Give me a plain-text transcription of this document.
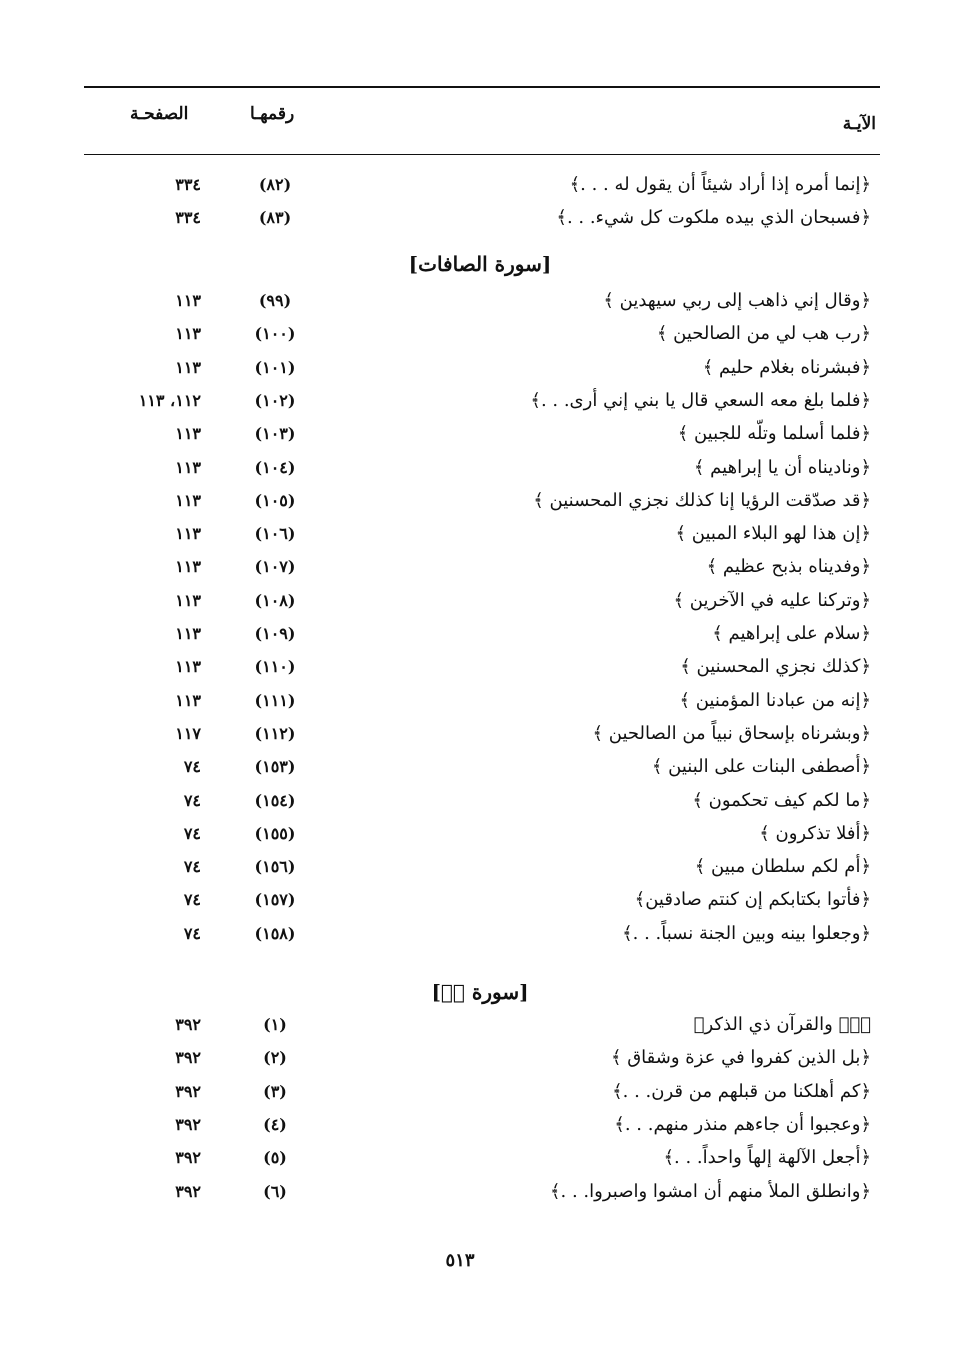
الآيـة
رقمهـا
الصفحـة
﴿إنما أمره إذا أراد شيئاً أن يقول له . . .﴾
(٨٢)
٣٣٤
﴿فسبحان الذي بيده ملكوت كل شيء. . .﴾
(٨٣)
٣٣٤
[سورة الصافات]
﴿وقال إني ذاهب إلى ربي سيهدين ﴾
(٩٩)
١١٣
﴿رب هب لي من الصالحين ﴾
(١٠٠)
١١٣
﴿فبشرناه بغلام حليم ﴾
(١٠١)
١١٣
﴿فلما بلغ معه السعي قال يا بني إني أرى. . .﴾
(١٠٢)
١١٢، ١١٣
﴿فلما أسلما وتلّه للجبين ﴾
(١٠٣)
١١٣
﴿وناديناه أن يا إبراهيم ﴾
(١٠٤)
١١٣
﴿قد صدّقت الرؤيا إنا كذلك نجزي المحسنين ﴾
(١٠٥)
١١٣
﴿إن هذا لهو البلاء المبين ﴾
(١٠٦)
١١٣
﴿وفديناه بذبح عظيم ﴾
(١٠٧)
١١٣
﴿وتركنا عليه في الآخرين ﴾
(١٠٨)
١١٣
﴿سلام على إبراهيم ﴾
(١٠٩)
١١٣
﴿كذلك نجزي المحسنين ﴾
(١١٠)
١١٣
﴿إنه من عبادنا المؤمنين ﴾
(١١١)
١١٣
﴿وبشرناه بإسحاق نبياً من الصالحين ﴾
(١١٢)
١١٧
﴿أصطفى البنات على البنين ﴾
(١٥٣)
٧٤
﴿ما لكم كيف تحكمون ﴾
(١٥٤)
٧٤
﴿أفلا تذكرون ﴾
(١٥٥)
٧٤
﴿أم لكم سلطان مبين ﴾
(١٥٦)
٧٤
﴿فأتوا بكتابكم إن كنتم صادقين﴾
(١٥٧)
٧٤
﴿وجعلوا بينه وبين الجنة نسباً. . .﴾
(١٥٨)
٧٤
[سورة صۤ]
﴿صۤ والقرآن ذي الذكر﴾
(١)
٣٩٢
﴿بل الذين كفروا في عزة وشقاق ﴾
(٢)
٣٩٢
﴿كم أهلكنا من قبلهم من قرن. . .﴾
(٣)
٣٩٢
﴿وعجبوا أن جاءهم منذر منهم. . .﴾
(٤)
٣٩٢
﴿أجعل الآلهة إلهاً واحداً. . .﴾
(٥)
٣٩٢
﴿وانطلق الملأ منهم أن امشوا واصبروا. . .﴾
(٦)
٣٩٢
٥١٣
